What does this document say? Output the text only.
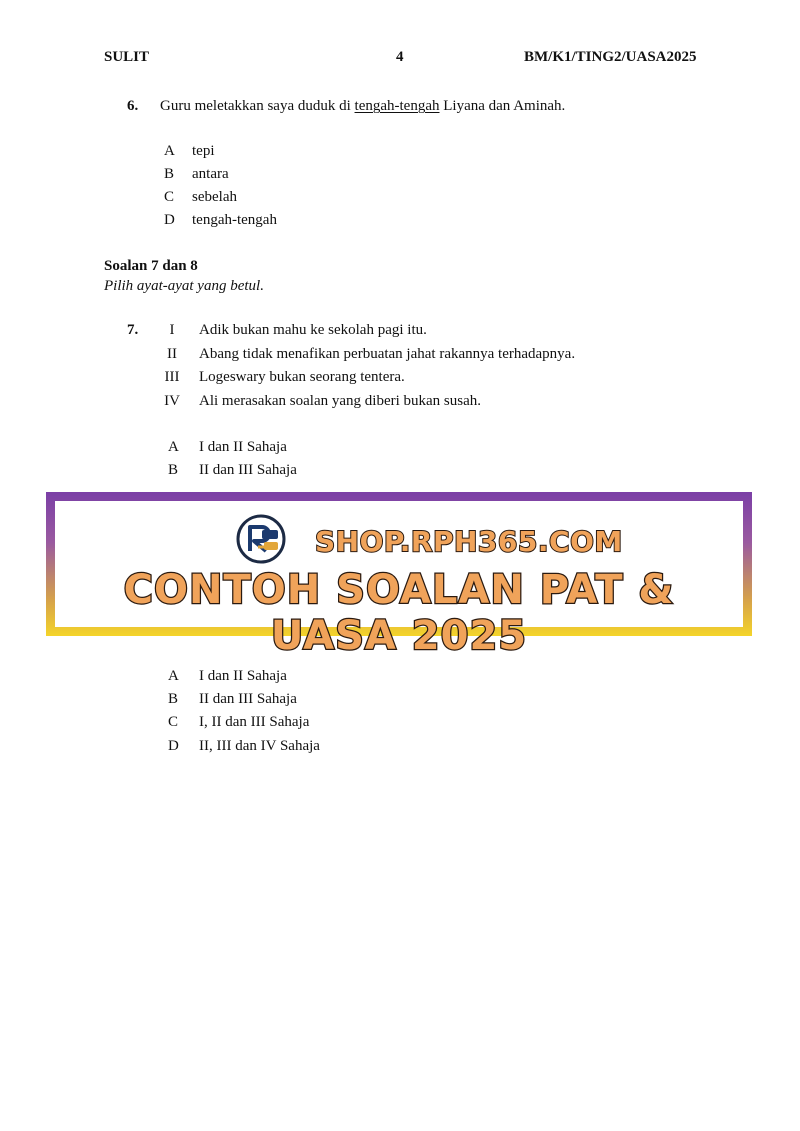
SULIT	4	BM/K1/TING2/UASA2025
6. Guru meletakkan saya duduk di tengah-tengah Liyana dan Aminah.
A tepi
B antara
C sebelah
D tengah-tengah
Soalan 7 dan 8
Pilih ayat-ayat yang betul.
7.	I Adik bukan mahu ke sekolah pagi itu.
II Abang tidak menafikan perbuatan jahat rakannya terhadapnya.
III Logeswary bukan seorang tentera.
IV Ali merasakan soalan yang diberi bukan susah.
A I dan II Sahaja
B II dan III Sahaja
SHOP.RPH365.COM
CONTOH SOALAN PAT & UASA 2025
A I dan II Sahaja
B II dan III Sahaja
C I, II dan III Sahaja
D II, III dan IV Sahaja
